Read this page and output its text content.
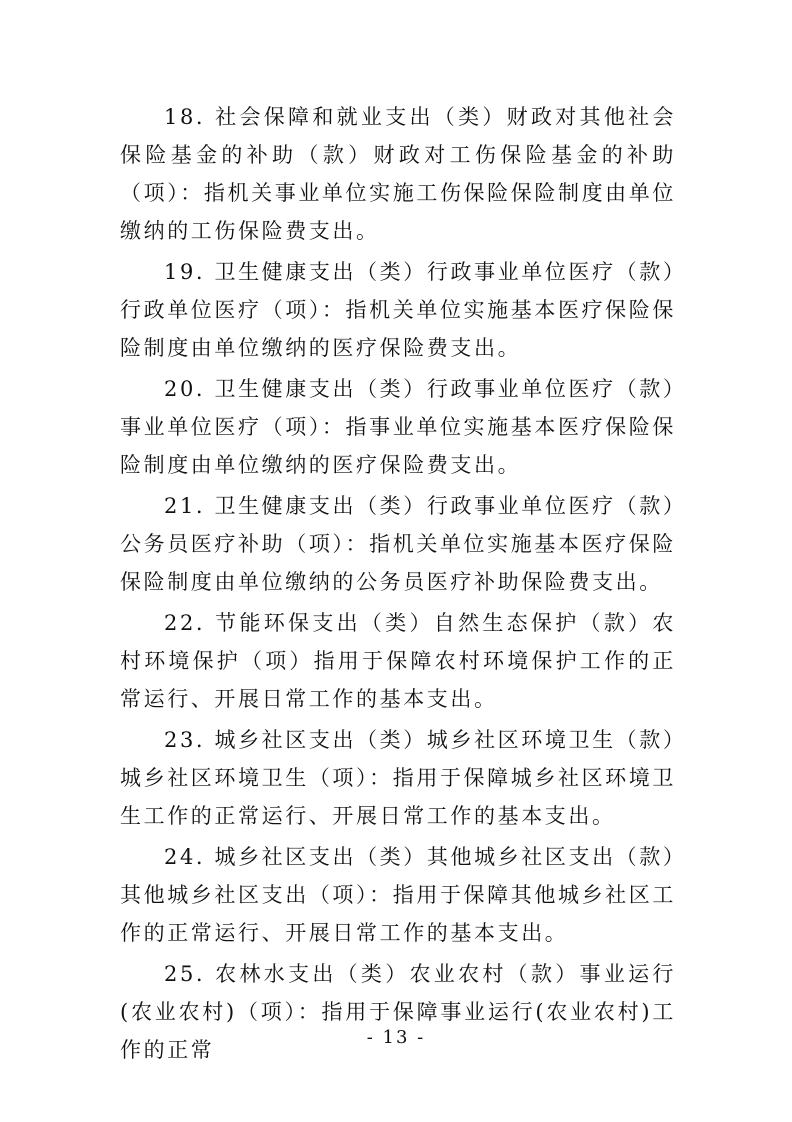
18. 社会保障和就业支出（类）财政对其他社会保险基金的补助（款）财政对工伤保险基金的补助（项）：指机关事业单位实施工伤保险保险制度由单位缴纳的工伤保险费支出。

19. 卫生健康支出（类）行政事业单位医疗（款）行政单位医疗（项）：指机关单位实施基本医疗保险保险制度由单位缴纳的医疗保险费支出。

20. 卫生健康支出（类）行政事业单位医疗（款）事业单位医疗（项）：指事业单位实施基本医疗保险保险制度由单位缴纳的医疗保险费支出。

21. 卫生健康支出（类）行政事业单位医疗（款）公务员医疗补助（项）：指机关单位实施基本医疗保险保险制度由单位缴纳的公务员医疗补助保险费支出。

22. 节能环保支出（类）自然生态保护（款）农村环境保护（项）指用于保障农村环境保护工作的正常运行、开展日常工作的基本支出。

23. 城乡社区支出（类）城乡社区环境卫生（款）城乡社区环境卫生（项）：指用于保障城乡社区环境卫生工作的正常运行、开展日常工作的基本支出。

24. 城乡社区支出（类）其他城乡社区支出（款）其他城乡社区支出（项）：指用于保障其他城乡社区工作的正常运行、开展日常工作的基本支出。

25. 农林水支出（类）农业农村（款）事业运行(农业农村)（项）：指用于保障事业运行(农业农村)工作的正常

- 13 -
